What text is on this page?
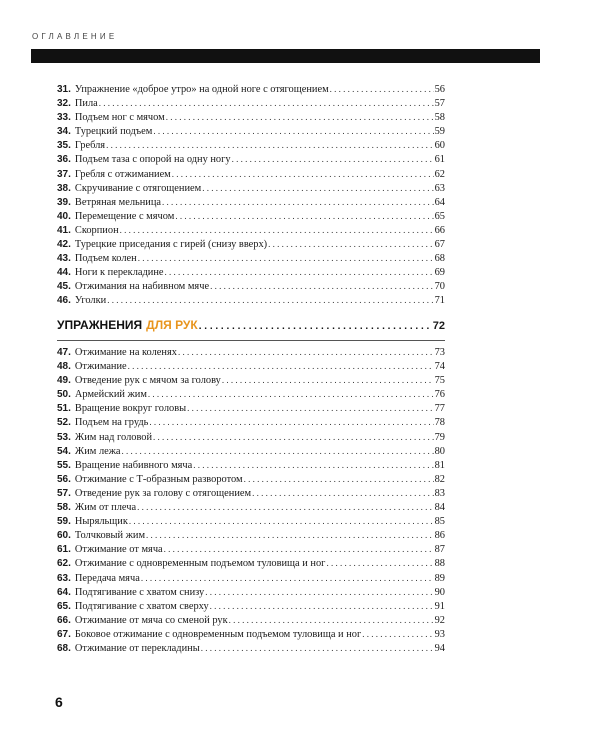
ОГЛАВЛЕНИЕ
31. Упражнение «доброе утро» на одной ноге с отягощением . . .	56
32. Пила . . .	57
33. Подъем ног с мячом . . .	58
34. Турецкий подъем . . .	59
35. Гребля . . .	60
36. Подъем таза с опорой на одну ногу . . .	61
37. Гребля с отжиманием . . .	62
38. Скручивание с отягощением . . .	63
39. Ветряная мельница . . .	64
40. Перемещение с мячом . . .	65
41. Скорпион . . .	66
42. Турецкие приседания с гирей (снизу вверх) . . .	67
43. Подъем колен . . .	68
44. Ноги к перекладине . . .	69
45. Отжимания на набивном мяче . . .	70
46. Уголки . . .	71
УПРАЖНЕНИЯ ДЛЯ РУК . . .	72
47. Отжимание на коленях . . .	73
48. Отжимание . . .	74
49. Отведение рук с мячом за голову . . .	75
50. Армейский жим . . .	76
51. Вращение вокруг головы . . .	77
52. Подъем на грудь . . .	78
53. Жим над головой . . .	79
54. Жим лежа . . .	80
55. Вращение набивного мяча . . .	81
56. Отжимание с Т-образным разворотом . . .	82
57. Отведение рук за голову с отягощением . . .	83
58. Жим от плеча . . .	84
59. Ныряльщик . . .	85
60. Толчковый жим . . .	86
61. Отжимание от мяча . . .	87
62. Отжимание с одновременным подъемом туловища и ног . . .	88
63. Передача мяча . . .	89
64. Подтягивание с хватом снизу . . .	90
65. Подтягивание с хватом сверху . . .	91
66. Отжимание от мяча со сменой рук . . .	92
67. Боковое отжимание с одновременным подъемом туловища и ног . . .	93
68. Отжимание от перекладины . . .	94
6
